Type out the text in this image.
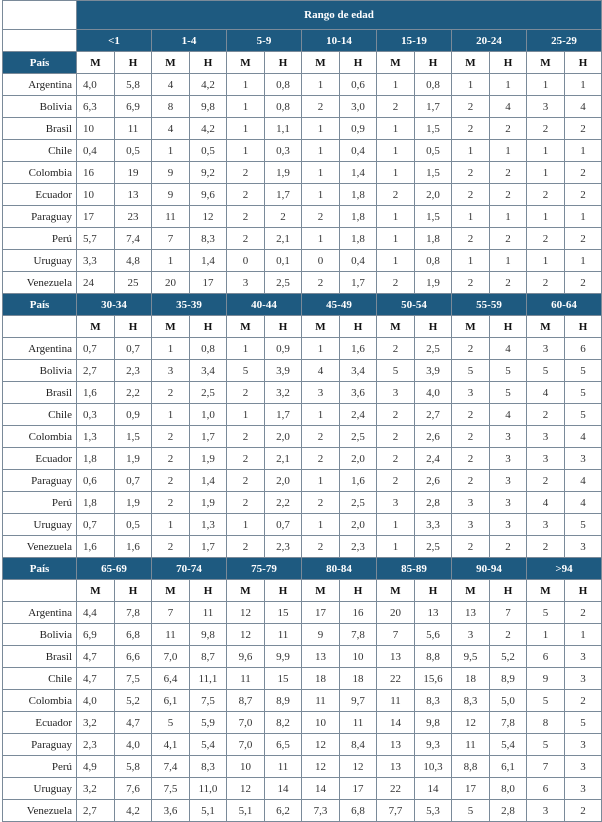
	Rango de edad													
	<1		1-4		5-9		10-14		15-19		20-24		25-29	
País	M	H	M	H	M	H	M	H	M	H	M	H	M	H
Argentina	4,0	5,8	4	4,2	1	0,8	1	0,6	1	0,8	1	1	1	1
Bolivia	6,3	6,9	8	9,8	1	0,8	2	3,0	2	1,7	2	4	3	4
Brasil	10	11	4	4,2	1	1,1	1	0,9	1	1,5	2	2	2	2
Chile	0,4	0,5	1	0,5	1	0,3	1	0,4	1	0,5	1	1	1	1
Colombia	16	19	9	9,2	2	1,9	1	1,4	1	1,5	2	2	1	2
Ecuador	10	13	9	9,6	2	1,7	1	1,8	2	2,0	2	2	2	2
Paraguay	17	23	11	12	2	2	2	1,8	1	1,5	1	1	1	1
Perú	5,7	7,4	7	8,3	2	2,1	1	1,8	1	1,8	2	2	2	2
Uruguay	3,3	4,8	1	1,4	0	0,1	0	0,4	1	0,8	1	1	1	1
Venezuela	24	25	20	17	3	2,5	2	1,7	2	1,9	2	2	2	2
País	30-34		35-39		40-44		45-49		50-54		55-59		60-64	
	M	H	M	H	M	H	M	H	M	H	M	H	M	H
Argentina	0,7	0,7	1	0,8	1	0,9	1	1,6	2	2,5	2	4	3	6
Bolivia	2,7	2,3	3	3,4	5	3,9	4	3,4	5	3,9	5	5	5	5
Brasil	1,6	2,2	2	2,5	2	3,2	3	3,6	3	4,0	3	5	4	5
Chile	0,3	0,9	1	1,0	1	1,7	1	2,4	2	2,7	2	4	2	5
Colombia	1,3	1,5	2	1,7	2	2,0	2	2,5	2	2,6	2	3	3	4
Ecuador	1,8	1,9	2	1,9	2	2,1	2	2,0	2	2,4	2	3	3	3
Paraguay	0,6	0,7	2	1,4	2	2,0	1	1,6	2	2,6	2	3	2	4
Perú	1,8	1,9	2	1,9	2	2,2	2	2,5	3	2,8	3	3	4	4
Uruguay	0,7	0,5	1	1,3	1	0,7	1	2,0	1	3,3	3	3	3	5
Venezuela	1,6	1,6	2	1,7	2	2,3	2	2,3	1	2,5	2	2	2	3
País	65-69		70-74		75-79		80-84		85-89		90-94		>94	
	M	H	M	H	M	H	M	H	M	H	M	H	M	H
Argentina	4,4	7,8	7	11	12	15	17	16	20	13	13	7	5	2
Bolivia	6,9	6,8	11	9,8	12	11	9	7,8	7	5,6	3	2	1	1
Brasil	4,7	6,6	7,0	8,7	9,6	9,9	13	10	13	8,8	9,5	5,2	6	3
Chile	4,7	7,5	6,4	11,1	11	15	18	18	22	15,6	18	8,9	9	3
Colombia	4,0	5,2	6,1	7,5	8,7	8,9	11	9,7	11	8,3	8,3	5,0	5	2
Ecuador	3,2	4,7	5	5,9	7,0	8,2	10	11	14	9,8	12	7,8	8	5
Paraguay	2,3	4,0	4,1	5,4	7,0	6,5	12	8,4	13	9,3	11	5,4	5	3
Perú	4,9	5,8	7,4	8,3	10	11	12	12	13	10,3	8,8	6,1	7	3
Uruguay	3,2	7,6	7,5	11,0	12	14	14	17	22	14	17	8,0	6	3
Venezuela	2,7	4,2	3,6	5,1	5,1	6,2	7,3	6,8	7,7	5,3	5	2,8	3	2
